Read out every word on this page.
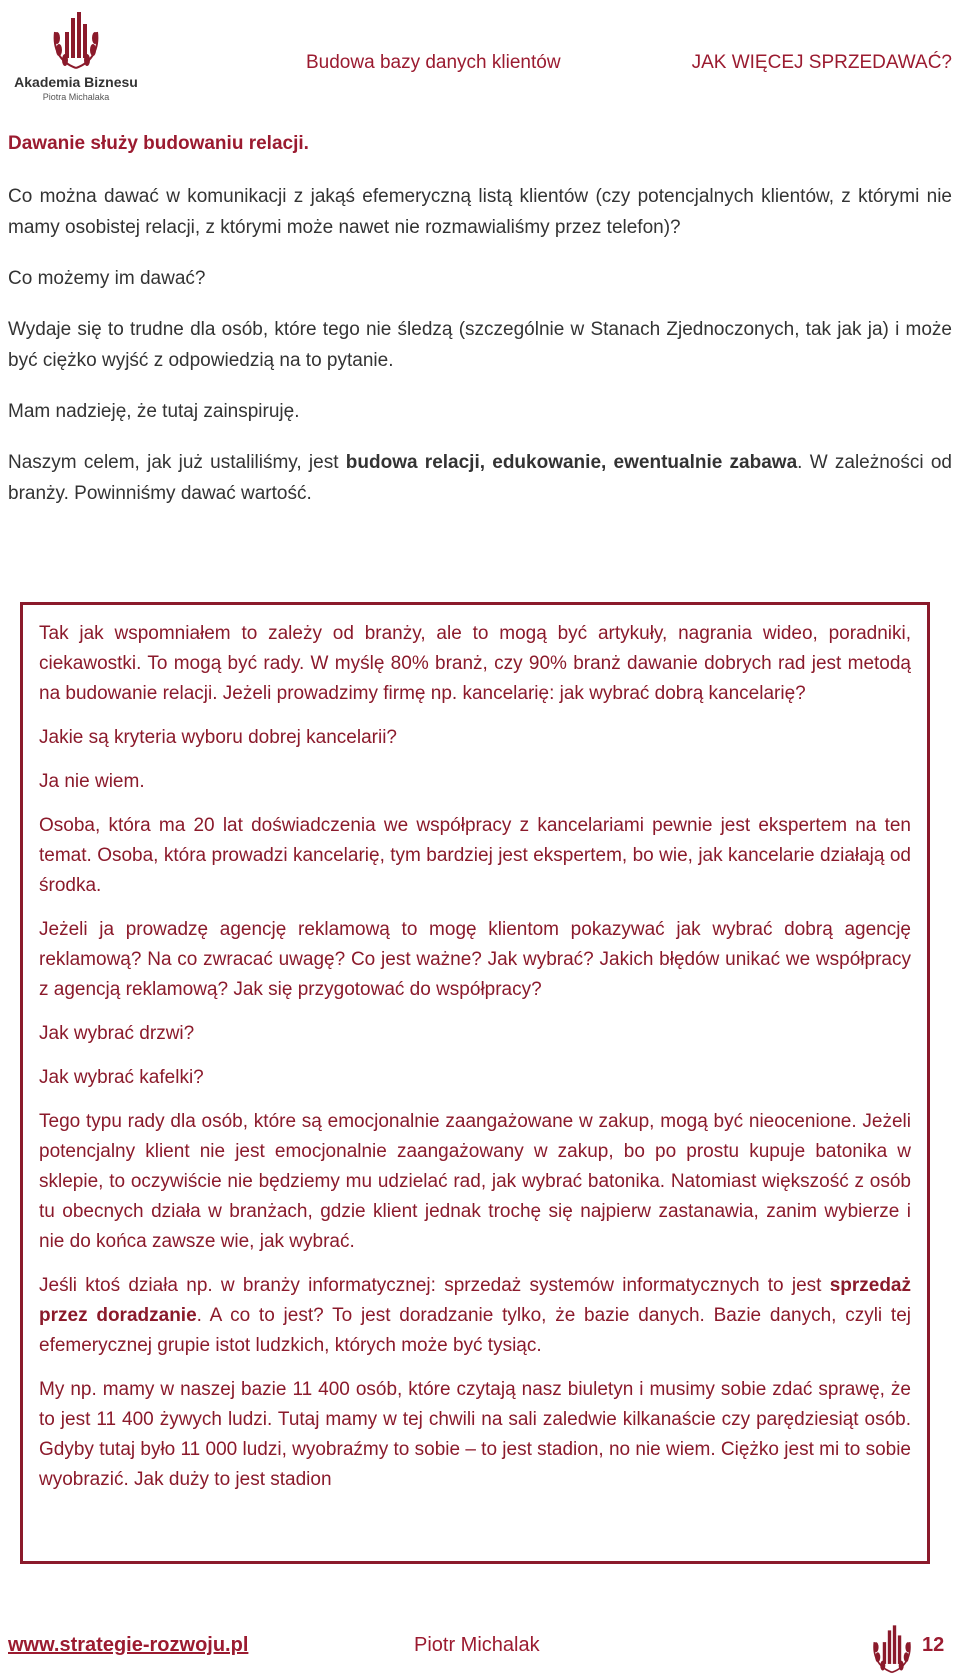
Akademia Biznesu
Piotra Michalaka
Budowa bazy danych klientów	JAK WIĘCEJ SPRZEDAWAĆ?
Dawanie służy budowaniu relacji.

Co można dawać w komunikacji z jakąś efemeryczną listą klientów (czy potencjalnych klientów, z którymi nie mamy osobistej relacji, z którymi może nawet nie rozmawialiśmy przez telefon)?

Co możemy im dawać?

Wydaje się to trudne dla osób, które tego nie śledzą (szczególnie w Stanach Zjednoczonych, tak jak ja) i może być ciężko wyjść z odpowiedzią na to pytanie.

Mam nadzieję, że tutaj zainspiruję.

Naszym celem, jak już ustaliliśmy, jest budowa relacji, edukowanie, ewentualnie zabawa. W zależności od branży. Powinniśmy dawać wartość.

Tak jak wspomniałem to zależy od branży, ale to mogą być artykuły, nagrania wideo, poradniki, ciekawostki. To mogą być rady. W myślę 80% branż, czy 90% branż dawanie dobrych rad jest metodą na budowanie relacji. Jeżeli prowadzimy firmę np. kancelarię: jak wybrać dobrą kancelarię?

Jakie są kryteria wyboru dobrej kancelarii?

Ja nie wiem.

Osoba, która ma 20 lat doświadczenia we współpracy z kancelariami pewnie jest ekspertem na ten temat. Osoba, która prowadzi kancelarię, tym bardziej jest ekspertem, bo wie, jak kancelarie działają od środka.

Jeżeli ja prowadzę agencję reklamową to mogę klientom pokazywać jak wybrać dobrą agencję reklamową? Na co zwracać uwagę? Co jest ważne? Jak wybrać? Jakich błędów unikać we współpracy z agencją reklamową? Jak się przygotować do współpracy?

Jak wybrać drzwi?

Jak wybrać kafelki?

Tego typu rady dla osób, które są emocjonalnie zaangażowane w zakup, mogą być nieocenione. Jeżeli potencjalny klient nie jest emocjonalnie zaangażowany w zakup, bo po prostu kupuje batonika w sklepie, to oczywiście nie będziemy mu udzielać rad, jak wybrać batonika. Natomiast większość z osób tu obecnych działa w branżach, gdzie klient jednak trochę się najpierw zastanawia, zanim wybierze i nie do końca zawsze wie, jak wybrać.

Jeśli ktoś działa np. w branży informatycznej: sprzedaż systemów informatycznych to jest sprzedaż przez doradzanie. A co to jest? To jest doradzanie tylko, że bazie danych. Bazie danych, czyli tej efemerycznej grupie istot ludzkich, których może być tysiąc.

My np. mamy w naszej bazie 11 400 osób, które czytają nasz biuletyn i musimy sobie zdać sprawę, że to jest 11 400 żywych ludzi. Tutaj mamy w tej chwili na sali zaledwie kilkanaście czy parędziesiąt osób. Gdyby tutaj było 11 000 ludzi, wyobraźmy to sobie – to jest stadion, no nie wiem. Ciężko jest mi to sobie wyobrazić. Jak duży to jest stadion

www.strategie-rozwoju.pl	Piotr Michalak	12
